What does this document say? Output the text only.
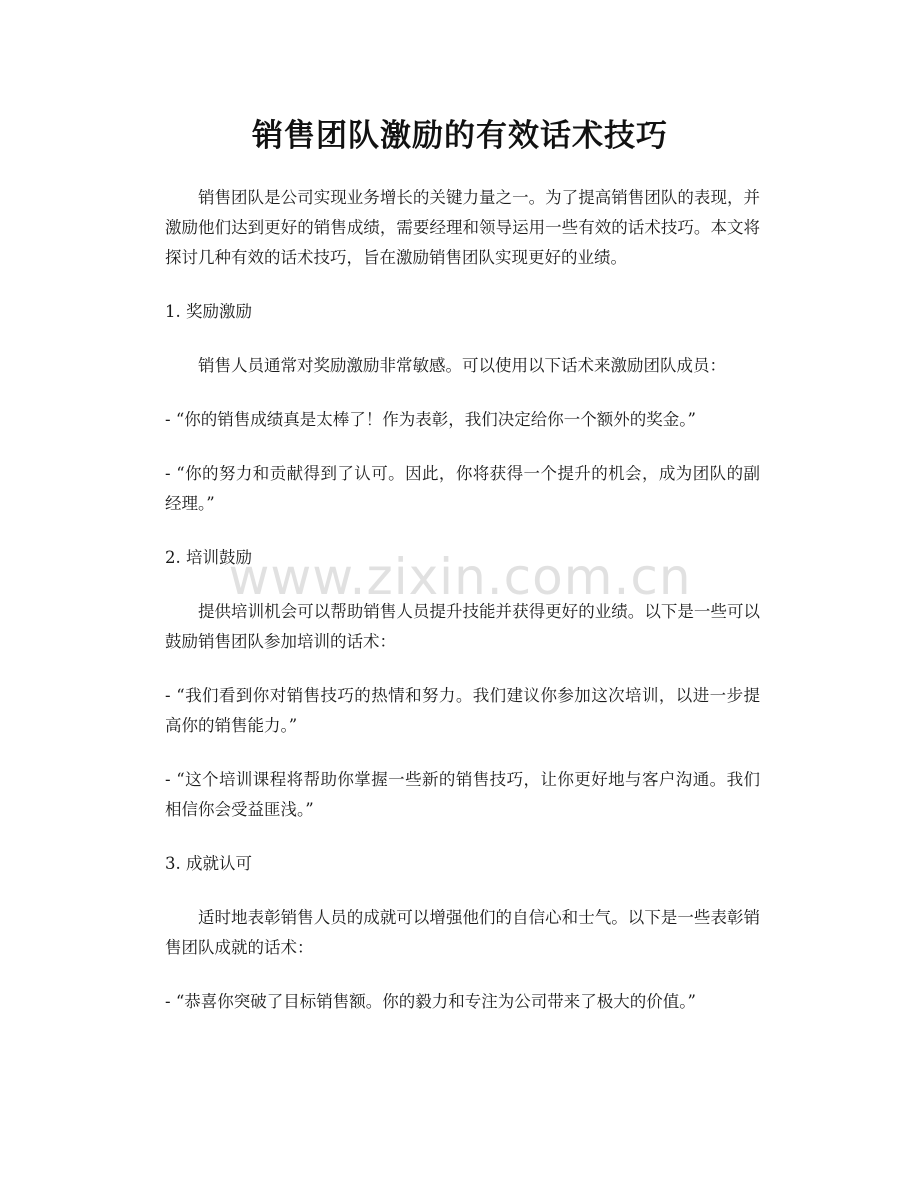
销售团队激励的有效话术技巧

销售团队是公司实现业务增长的关键力量之一。为了提高销售团队的表现，并激励他们达到更好的销售成绩，需要经理和领导运用一些有效的话术技巧。本文将探讨几种有效的话术技巧，旨在激励销售团队实现更好的业绩。

1. 奖励激励

销售人员通常对奖励激励非常敏感。可以使用以下话术来激励团队成员：

- “你的销售成绩真是太棒了！作为表彰，我们决定给你一个额外的奖金。”

- “你的努力和贡献得到了认可。因此，你将获得一个提升的机会，成为团队的副经理。”

2. 培训鼓励

提供培训机会可以帮助销售人员提升技能并获得更好的业绩。以下是一些可以鼓励销售团队参加培训的话术：

- “我们看到你对销售技巧的热情和努力。我们建议你参加这次培训，以进一步提高你的销售能力。”

- “这个培训课程将帮助你掌握一些新的销售技巧，让你更好地与客户沟通。我们相信你会受益匪浅。”

3. 成就认可

适时地表彰销售人员的成就可以增强他们的自信心和士气。以下是一些表彰销售团队成就的话术：

- “恭喜你突破了目标销售额。你的毅力和专注为公司带来了极大的价值。”

www.zixin.com.cn
